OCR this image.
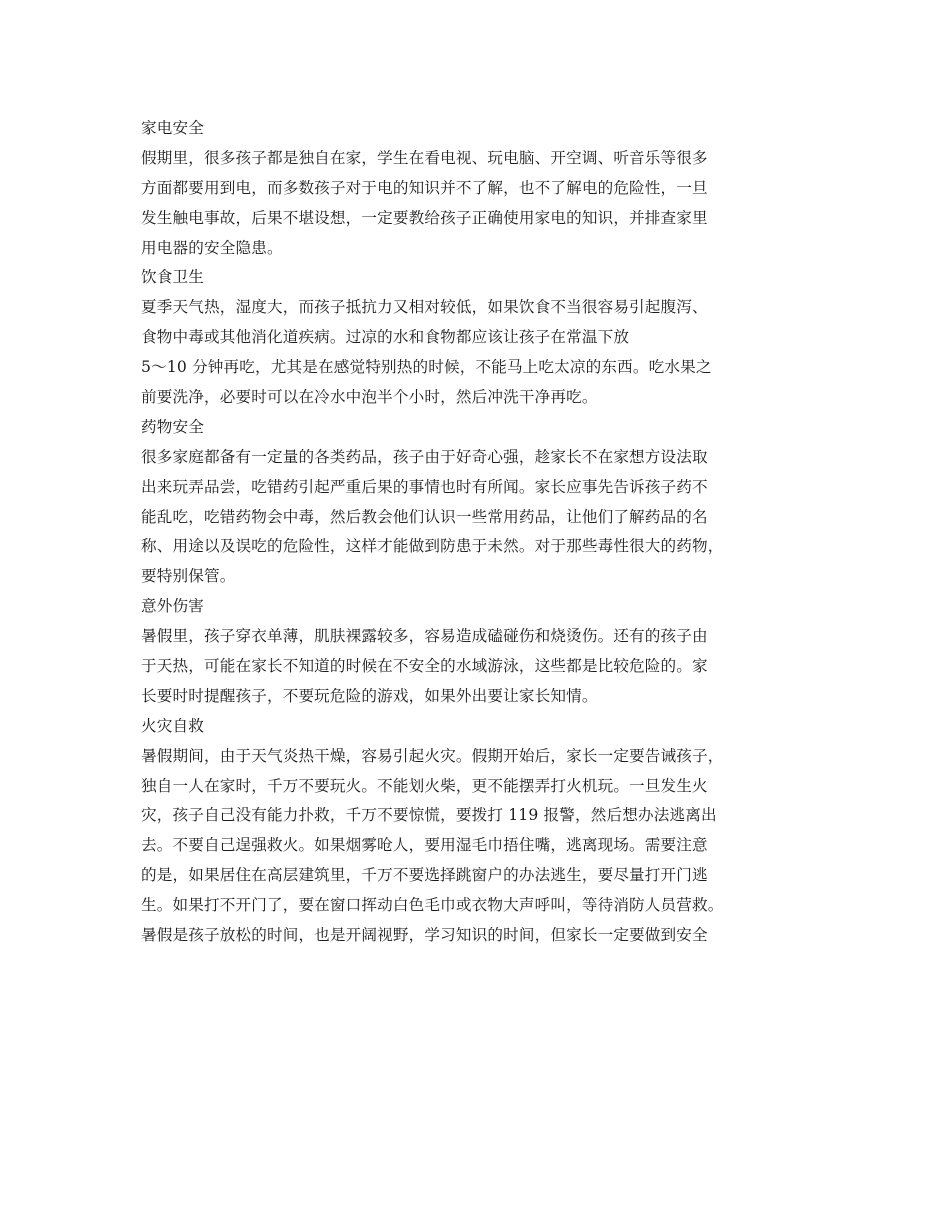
家电安全
假期里，很多孩子都是独自在家，学生在看电视、玩电脑、开空调、听音乐等很多
方面都要用到电，而多数孩子对于电的知识并不了解，也不了解电的危险性，一旦
发生触电事故，后果不堪设想，一定要教给孩子正确使用家电的知识，并排查家里
用电器的安全隐患。
饮食卫生
夏季天气热，湿度大，而孩子抵抗力又相对较低，如果饮食不当很容易引起腹泻、
食物中毒或其他消化道疾病。过凉的水和食物都应该让孩子在常温下放
5～10 分钟再吃，尤其是在感觉特别热的时候，不能马上吃太凉的东西。吃水果之
前要洗净，必要时可以在冷水中泡半个小时，然后冲洗干净再吃。
药物安全
很多家庭都备有一定量的各类药品，孩子由于好奇心强，趁家长不在家想方设法取
出来玩弄品尝，吃错药引起严重后果的事情也时有所闻。家长应事先告诉孩子药不
能乱吃，吃错药物会中毒，然后教会他们认识一些常用药品，让他们了解药品的名
称、用途以及误吃的危险性，这样才能做到防患于未然。对于那些毒性很大的药物，
要特别保管。
意外伤害
暑假里，孩子穿衣单薄，肌肤裸露较多，容易造成磕碰伤和烧烫伤。还有的孩子由
于天热，可能在家长不知道的时候在不安全的水域游泳，这些都是比较危险的。家
长要时时提醒孩子，不要玩危险的游戏，如果外出要让家长知情。
火灾自救
暑假期间，由于天气炎热干燥，容易引起火灾。假期开始后，家长一定要告诫孩子，
独自一人在家时，千万不要玩火。不能划火柴，更不能摆弄打火机玩。一旦发生火
灾，孩子自己没有能力扑救，千万不要惊慌，要拨打 119 报警，然后想办法逃离出
去。不要自己逞强救火。如果烟雾呛人，要用湿毛巾捂住嘴，逃离现场。需要注意
的是，如果居住在高层建筑里，千万不要选择跳窗户的办法逃生，要尽量打开门逃
生。如果打不开门了，要在窗口挥动白色毛巾或衣物大声呼叫，等待消防人员营救。
暑假是孩子放松的时间，也是开阔视野，学习知识的时间，但家长一定要做到安全
